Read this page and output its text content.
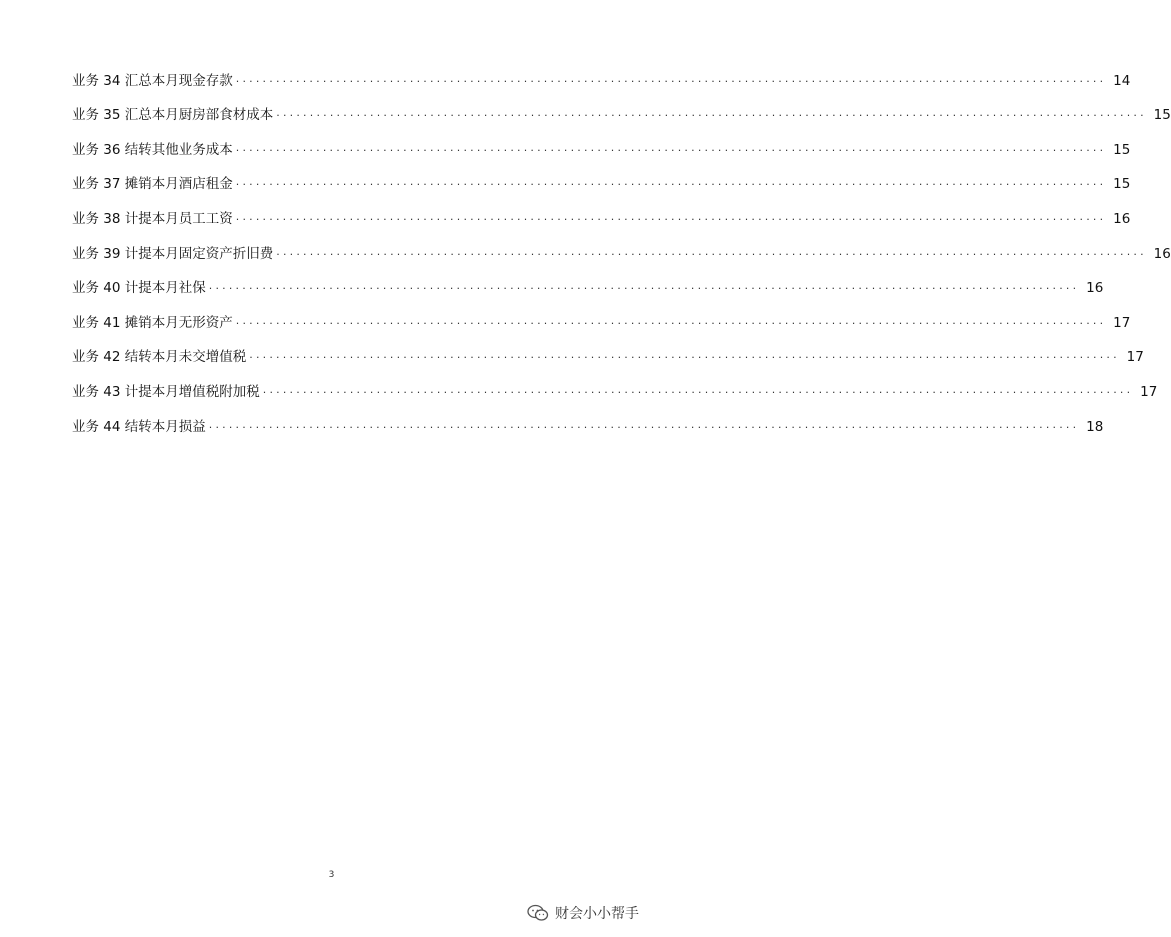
业务 34 汇总本月现金存款 .................................................................................................................................. 14
业务 35 汇总本月厨房部食材成本 .................................................................................................................................. 15
业务 36 结转其他业务成本 .................................................................................................................................. 15
业务 37 摊销本月酒店租金 .................................................................................................................................. 15
业务 38 计提本月员工工资 .................................................................................................................................. 16
业务 39 计提本月固定资产折旧费 .................................................................................................................................. 16
业务 40 计提本月社保 .................................................................................................................................. 16
业务 41 摊销本月无形资产 .................................................................................................................................. 17
业务 42 结转本月未交增值税 .................................................................................................................................. 17
业务 43 计提本月增值税附加税 .................................................................................................................................. 17
业务 44 结转本月损益 .................................................................................................................................. 18
3
财会小小帮手
